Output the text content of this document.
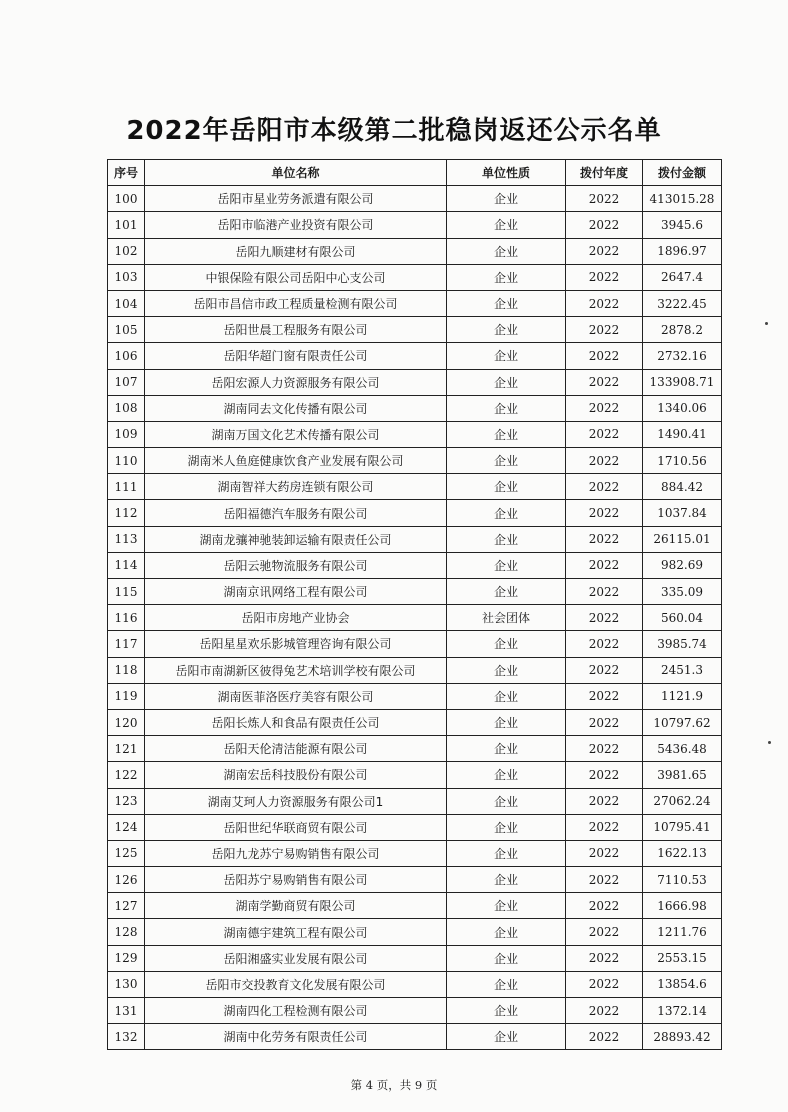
2022年岳阳市本级第二批稳岗返还公示名单
序号	单位名称	单位性质	拨付年度	拨付金额
100	岳阳市星业劳务派遣有限公司	企业	2022	413015.28
101	岳阳市临港产业投资有限公司	企业	2022	3945.6
102	岳阳九顺建材有限公司	企业	2022	1896.97
103	中银保险有限公司岳阳中心支公司	企业	2022	2647.4
104	岳阳市昌信市政工程质量检测有限公司	企业	2022	3222.45
105	岳阳世晨工程服务有限公司	企业	2022	2878.2
106	岳阳华超门窗有限责任公司	企业	2022	2732.16
107	岳阳宏源人力资源服务有限公司	企业	2022	133908.71
108	湖南同去文化传播有限公司	企业	2022	1340.06
109	湖南万国文化艺术传播有限公司	企业	2022	1490.41
110	湖南米人鱼庭健康饮食产业发展有限公司	企业	2022	1710.56
111	湖南智祥大药房连锁有限公司	企业	2022	884.42
112	岳阳福德汽车服务有限公司	企业	2022	1037.84
113	湖南龙骧神驰装卸运输有限责任公司	企业	2022	26115.01
114	岳阳云驰物流服务有限公司	企业	2022	982.69
115	湖南京讯网络工程有限公司	企业	2022	335.09
116	岳阳市房地产业协会	社会团体	2022	560.04
117	岳阳星星欢乐影城管理咨询有限公司	企业	2022	3985.74
118	岳阳市南湖新区彼得兔艺术培训学校有限公司	企业	2022	2451.3
119	湖南医菲洛医疗美容有限公司	企业	2022	1121.9
120	岳阳长炼人和食品有限责任公司	企业	2022	10797.62
121	岳阳天伦清洁能源有限公司	企业	2022	5436.48
122	湖南宏岳科技股份有限公司	企业	2022	3981.65
123	湖南艾珂人力资源服务有限公司1	企业	2022	27062.24
124	岳阳世纪华联商贸有限公司	企业	2022	10795.41
125	岳阳九龙苏宁易购销售有限公司	企业	2022	1622.13
126	岳阳苏宁易购销售有限公司	企业	2022	7110.53
127	湖南学勤商贸有限公司	企业	2022	1666.98
128	湖南德宇建筑工程有限公司	企业	2022	1211.76
129	岳阳湘盛实业发展有限公司	企业	2022	2553.15
130	岳阳市交投教育文化发展有限公司	企业	2022	13854.6
131	湖南四化工程检测有限公司	企业	2022	1372.14
132	湖南中化劳务有限责任公司	企业	2022	28893.42
第 4 页，共 9 页
